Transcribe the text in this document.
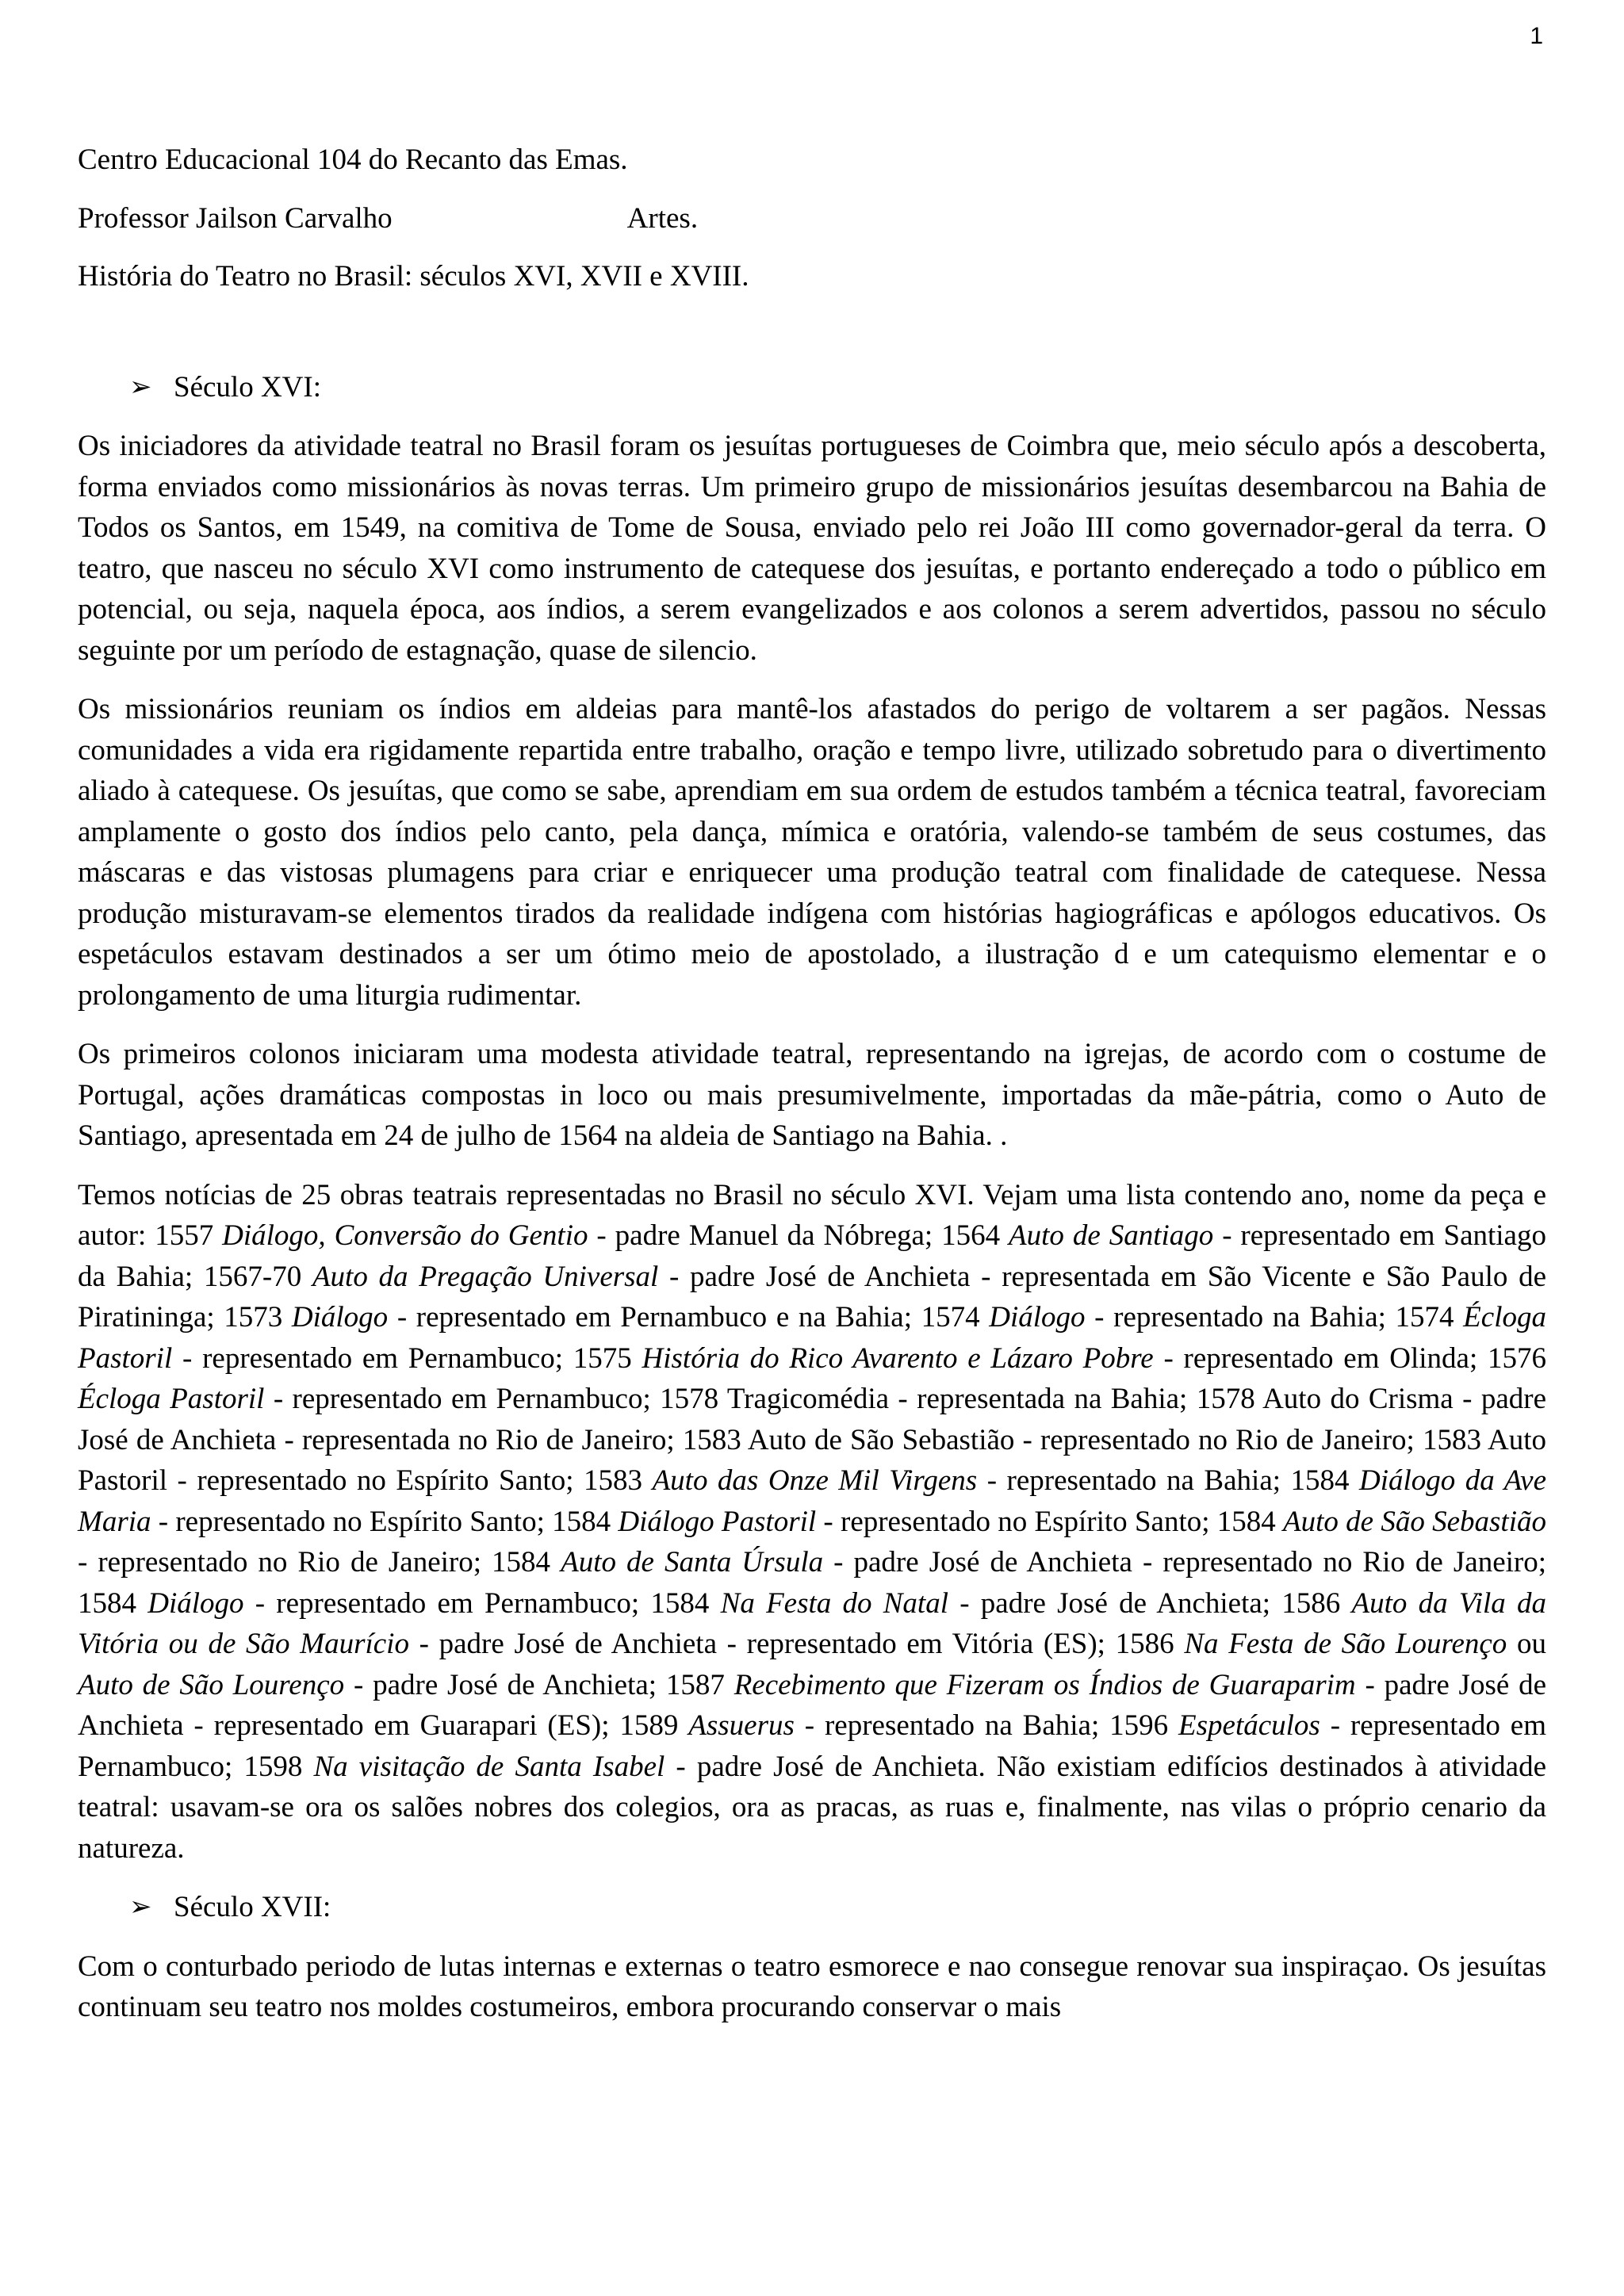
1
Centro Educacional 104 do Recanto das Emas.
Professor Jailson Carvalho	Artes.
História do Teatro no Brasil: séculos XVI, XVII e XVIII.
➢ Século XVI:

Os iniciadores da atividade teatral no Brasil foram os jesuítas portugueses de Coimbra que, meio século após a descoberta, forma enviados como missionários às novas terras. Um primeiro grupo de missionários jesuítas desembarcou na Bahia de Todos os Santos, em 1549, na comitiva de Tome de Sousa, enviado pelo rei João III como governador-geral da terra. O teatro, que nasceu no século XVI como instrumento de catequese dos jesuítas, e portanto endereçado a todo o público em potencial, ou seja, naquela época, aos índios, a serem evangelizados e aos colonos a serem advertidos, passou no século seguinte por um período de estagnação, quase de silencio.

Os missionários reuniam os índios em aldeias para mantê-los afastados do perigo de voltarem a ser pagãos. Nessas comunidades a vida era rigidamente repartida entre trabalho, oração e tempo livre, utilizado sobretudo para o divertimento aliado à catequese. Os jesuítas, que como se sabe, aprendiam em sua ordem de estudos também a técnica teatral, favoreciam amplamente o gosto dos índios pelo canto, pela dança, mímica e oratória, valendo-se também de seus costumes, das máscaras e das vistosas plumagens para criar e enriquecer uma produção teatral com finalidade de catequese. Nessa produção misturavam-se elementos tirados da realidade indígena com histórias hagiográficas e apólogos educativos. Os espetáculos estavam destinados a ser um ótimo meio de apostolado, a ilustração d e um catequismo elementar e o prolongamento de uma liturgia rudimentar.

Os primeiros colonos iniciaram uma modesta atividade teatral, representando na igrejas, de acordo com o costume de Portugal, ações dramáticas compostas in loco ou mais presumivelmente, importadas da mãe-pátria, como o Auto de Santiago, apresentada em 24 de julho de 1564 na aldeia de Santiago na Bahia. .

Temos notícias de 25 obras teatrais representadas no Brasil no século XVI. Vejam uma lista contendo ano, nome da peça e autor: 1557 Diálogo, Conversão do Gentio - padre Manuel da Nóbrega; 1564 Auto de Santiago - representado em Santiago da Bahia; 1567-70 Auto da Pregação Universal - padre José de Anchieta - representada em São Vicente e São Paulo de Piratininga; 1573 Diálogo - representado em Pernambuco e na Bahia; 1574 Diálogo - representado na Bahia; 1574 Écloga Pastoril - representado em Pernambuco; 1575 História do Rico Avarento e Lázaro Pobre - representado em Olinda; 1576 Écloga Pastoril - representado em Pernambuco; 1578 Tragicomédia - representada na Bahia; 1578 Auto do Crisma - padre José de Anchieta - representada no Rio de Janeiro; 1583 Auto de São Sebastião - representado no Rio de Janeiro; 1583 Auto Pastoril - representado no Espírito Santo; 1583 Auto das Onze Mil Virgens - representado na Bahia; 1584 Diálogo da Ave Maria - representado no Espírito Santo; 1584 Diálogo Pastoril - representado no Espírito Santo; 1584 Auto de São Sebastião - representado no Rio de Janeiro; 1584 Auto de Santa Úrsula - padre José de Anchieta - representado no Rio de Janeiro; 1584 Diálogo - representado em Pernambuco; 1584 Na Festa do Natal - padre José de Anchieta; 1586 Auto da Vila da Vitória ou de São Maurício - padre José de Anchieta - representado em Vitória (ES); 1586 Na Festa de São Lourenço ou Auto de São Lourenço - padre José de Anchieta; 1587 Recebimento que Fizeram os Índios de Guaraparim - padre José de Anchieta - representado em Guarapari (ES); 1589 Assuerus - representado na Bahia; 1596 Espetáculos - representado em Pernambuco; 1598 Na visitação de Santa Isabel - padre José de Anchieta. Não existiam edifícios destinados à atividade teatral: usavam-se ora os salões nobres dos colegios, ora as pracas, as ruas e, finalmente, nas vilas o próprio cenario da natureza.

➢ Século XVII:

Com o conturbado periodo de lutas internas e externas o teatro esmorece e nao consegue renovar sua inspiraçao. Os jesuítas continuam seu teatro nos moldes costumeiros, embora procurando conservar o mais
